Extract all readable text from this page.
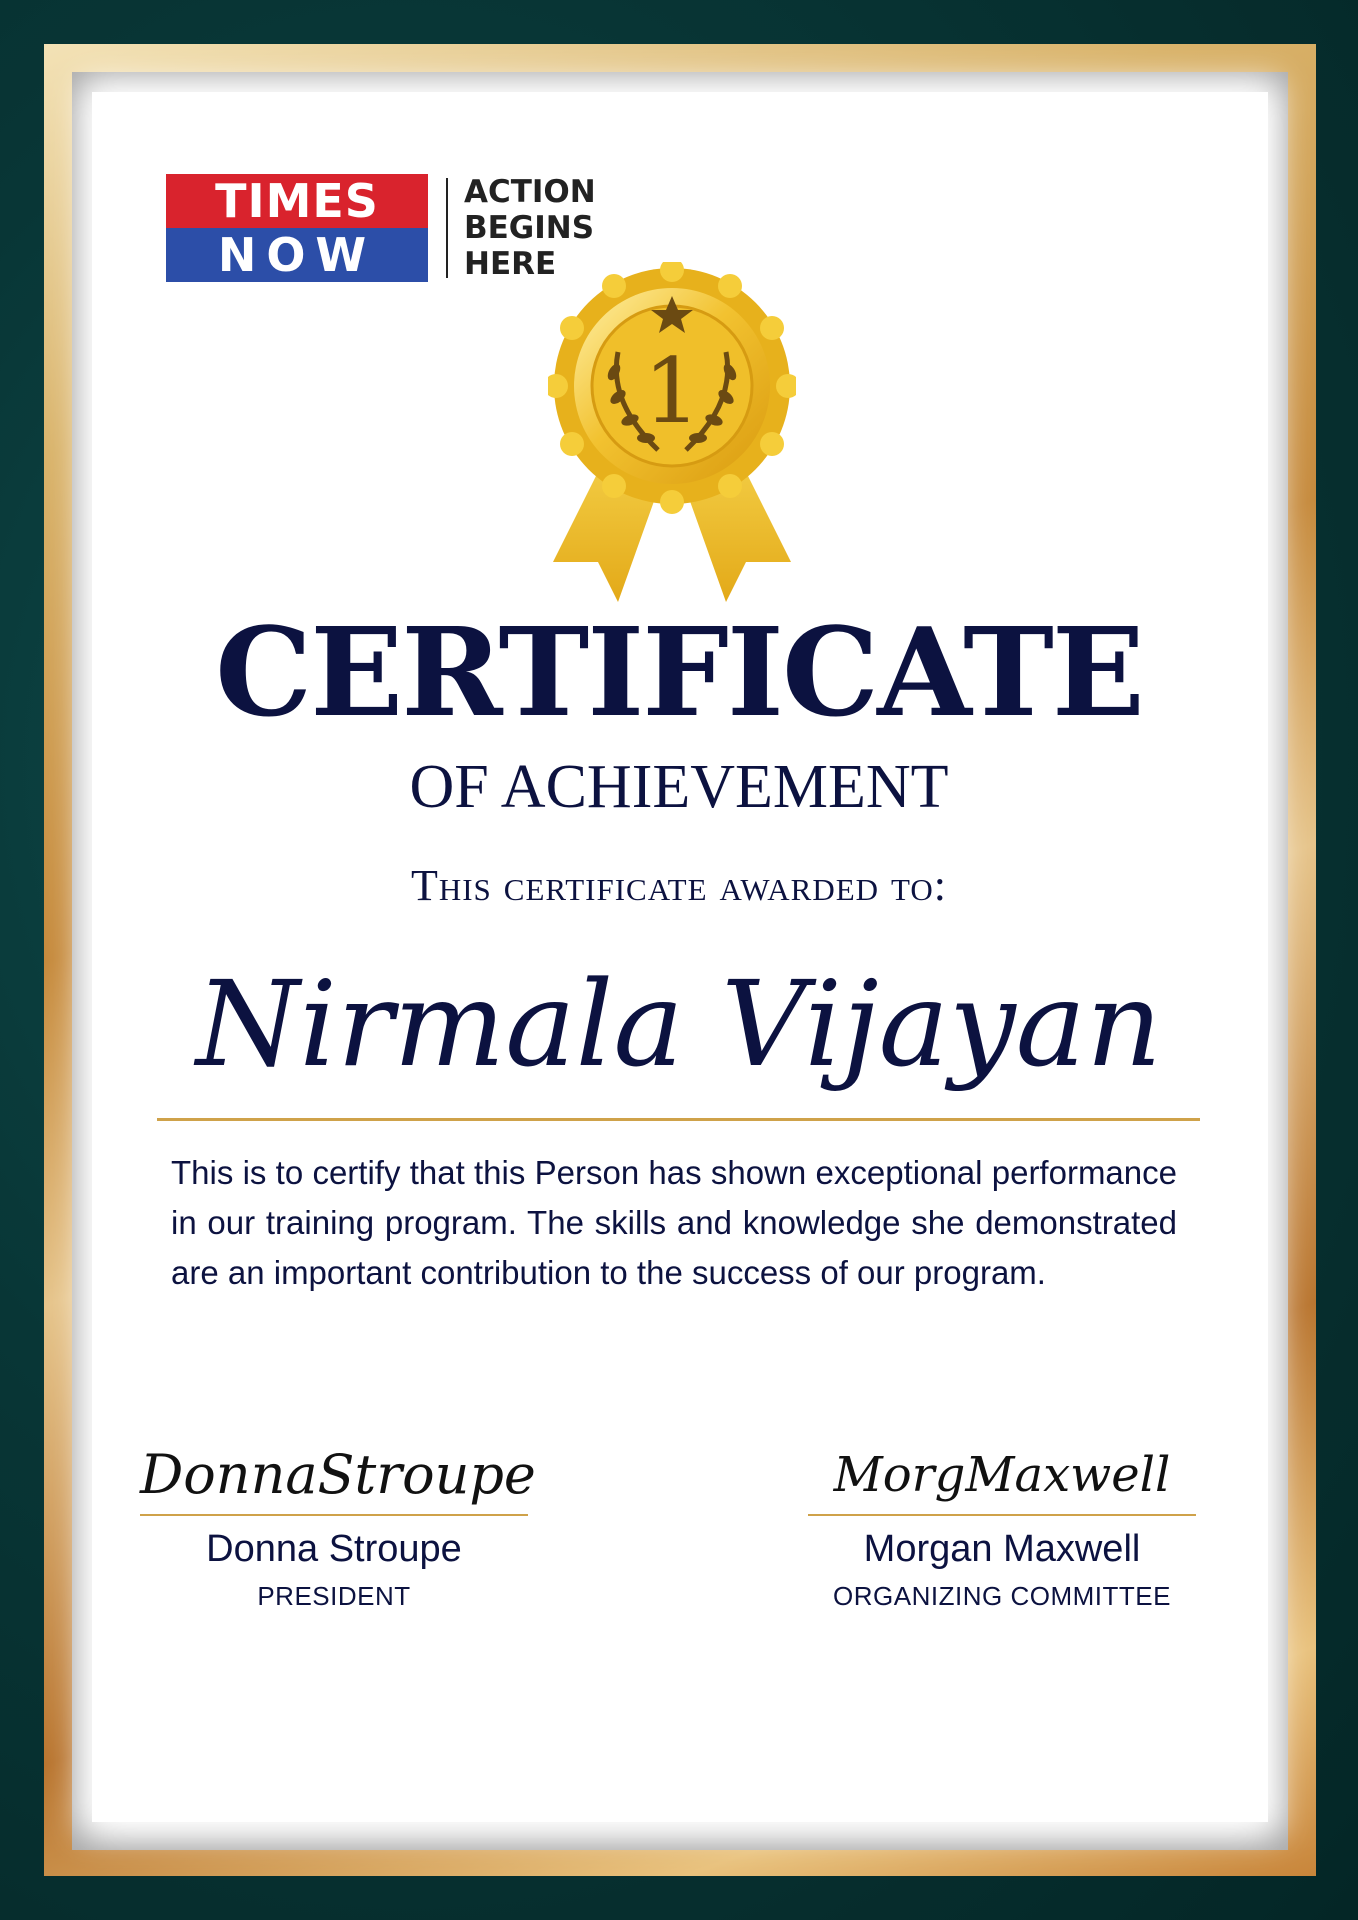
TIMES
NOW
ACTION
BEGINS
HERE
1
CERTIFICATE
OF ACHIEVEMENT
This certificate awarded to:
Nirmala Vijayan
This is to certify that this Person has shown exceptional performance in our training program. The skills and knowledge she demonstrated are an important contribution to the success of our program.
DonnaStroupe
Donna Stroupe
PRESIDENT
MorgMaxwell
Morgan Maxwell
ORGANIZING COMMITTEE
